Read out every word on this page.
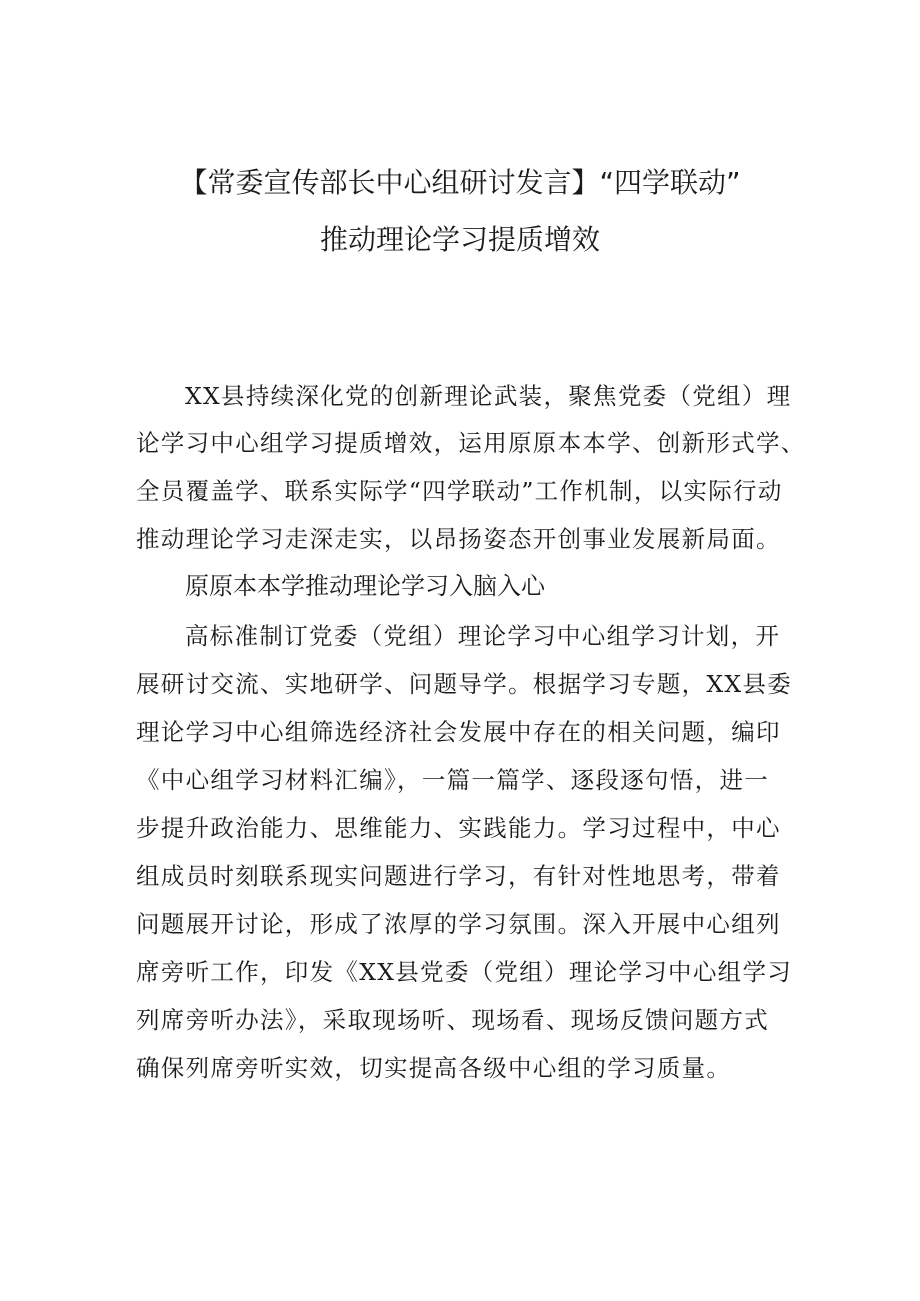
【常委宣传部长中心组研讨发言】“四学联动”
推动理论学习提质增效
XX县持续深化党的创新理论武装，聚焦党委（党组）理
论学习中心组学习提质增效，运用原原本本学、创新形式学、
全员覆盖学、联系实际学“四学联动”工作机制，以实际行动
推动理论学习走深走实，以昂扬姿态开创事业发展新局面。
原原本本学推动理论学习入脑入心
高标准制订党委（党组）理论学习中心组学习计划，开
展研讨交流、实地研学、问题导学。根据学习专题，XX县委
理论学习中心组筛选经济社会发展中存在的相关问题，编印
《中心组学习材料汇编》，一篇一篇学、逐段逐句悟，进一
步提升政治能力、思维能力、实践能力。学习过程中，中心
组成员时刻联系现实问题进行学习，有针对性地思考，带着
问题展开讨论，形成了浓厚的学习氛围。深入开展中心组列
席旁听工作，印发《XX县党委（党组）理论学习中心组学习
列席旁听办法》，采取现场听、现场看、现场反馈问题方式
确保列席旁听实效，切实提高各级中心组的学习质量。
